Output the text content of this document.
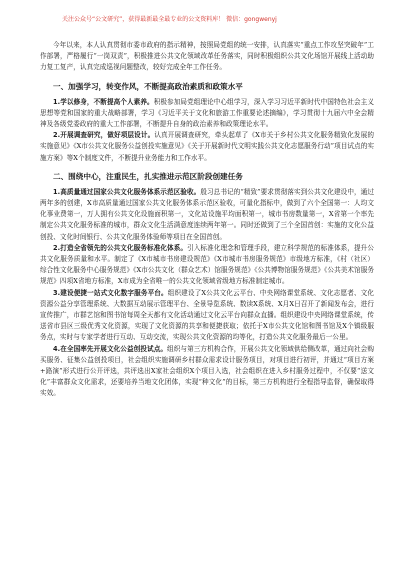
关注公众号“公文研究”，获得最新最全最专业的公文资料库！ 微信：gongwenyj

今年以来，本人认真贯彻市委市政府的指示精神，按照局党组的统一安排，认真落实“重点工作攻坚突破年”工作部署，严格履行“一岗双责”，积极推进公共文化领域改革任务落实，同时积极组织公共文化场馆开展线上活动助力复工复产，认真完成巡视问题整改，较好完成全年工作任务。

一、加强学习，转变作风，不断提高政治素质和政策水平

1.学以修身，不断提高个人素养。积极参加局党组理论中心组学习，深入学习习近平新时代中国特色社会主义思想等党和国家的重大战略部署，学习《习近平关于文化和旅游工作重要论述摘编》，学习贯彻十九届六中全会精神及各级党委政府的重大工作部署，不断提升自身的政治素养和政策理论水平。

2.开展调查研究，做好项层设计。认真开展调查研究，牵头起草了《X市关于乡村公共文化服务精致化发展的实施意见》《X市公共文化服务公益创投实施意见》《关于开展新时代文明实践公共文化志愿服务行动”项目试点的实施方案》等X个制度文件，不断提升业务能力和工作水平。

二、围绕中心，注重民生，扎实推进示范区阶段创建任务

1.高质量通过国家公共文化服务体系示范区验收。殷习总书记的“精致”要求贯彻落实到公共文化建设中，通过两年多的创建，X市高质量通过国家公共文化服务体系示范区验收，可量化指标中，做到了六个全国第一：人均文化事业费第一，万人拥有公共文化设施面积第一，文化站设施平均面积第一，城市书房数量第一，X省第一个率先制定公共文化服务标准的城市，群众文化生活满意度连续两年第一。同时还做到了三个全国首创：实施的文化公益创投、文化时间银行、公共文化服务体验师等项目在全国首创。

2.打造全省领先的公共文化服务标准化体系。引入标准化理念和管理手段，建立科学规范的标准体系，提升公共文化服务质量和水平。制定了《X市城市书房建设规范》《X市城市书房服务规范》市级地方标准，《村（社区）综合性文化服务中心服务规范》《X市公共文化（群众艺术）馆服务规范》《公共博物馆服务规范》《公共美术馆服务规范》四项X省地方标准，X市成为全省唯一的公共文化领域省级地方标准制定城市。

3.建设便捷一站式文化数字服务平台。组织建设了X公共文化云平台、中央网络课堂系统、文化志愿者、文化资源公益分享管理系统、大数据互动展示管理平台、全景导览系统、数读X系统、X月X日召开了新闻发布会，进行宣传推广，市群艺馆和图书馆每周全天都有文化活动通过文化云平台向群众直播。组织建设中央网络课堂系统，传送省市县区三级优秀文化资源，实现了文化资源的共享和便捷获取；依托于X市公共文化馆和图书馆及X个镇级服务点，实时与专家学者进行互动、互动交流，实现公共文化资源的均等化，打造公共文化服务最后一公里。

4.在全国率先开展文化公益创投试点。组织与第三方机构合作，开展公共文化领域供给侧改革，通过向社会购买服务、征集公益创投项目，社会组织实施调研乡村群众需求设计服务项目，对项目进行初评，并通过“项目方案+路演”形式进行公开评选，共评选出X家社会组织X个项目入选，社会组织在进入乡村服务过程中，不仅要“送文化”丰富群众文化需求，还要培养当地文化团体，实现“种文化”的目标，第三方机构进行全程指导监督，确保取得实效。
